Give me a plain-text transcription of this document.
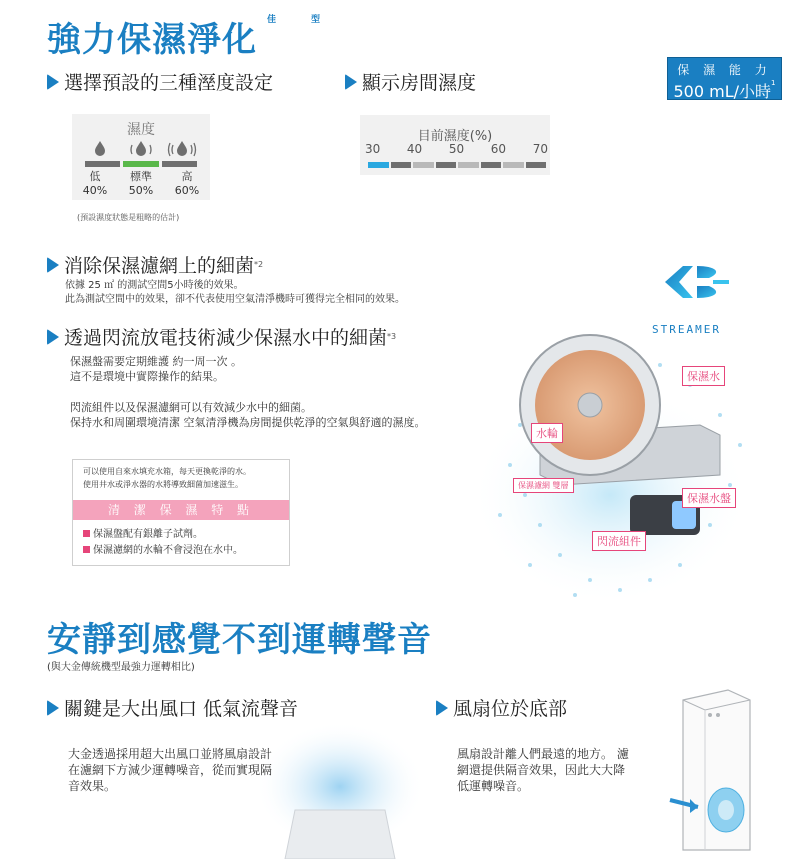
強力保濕淨化 $^佳$	$^型$
保 濕 能 力
500 mL/小時$^1$
選擇預設的三種溼度設定	顯示房間濕度
濕度
低
40%
標準
50%
高
60%
(預設濕度狀態是粗略的估計)
目前濕度(%)
30 40 50 60 70
消除保濕濾網上的細菌 *2
依據 25 ㎡ 的測試空間5小時後的效果。
此為測試空間中的效果，卻不代表使用空氣清淨機時可獲得完全相同的效果。
STREAMER
透過閃流放電技術減少保濕水中的細菌 *3
保濕盤需要定期維護 約一周一次 。
這不是環境中實際操作的結果。
閃流組件以及保濕濾網可以有效減少水中的細菌。
保持水和周圍環境清潔 空氣清淨機為房間提供乾淨的空氣與舒適的濕度。
可以使用自來水填充水箱，每天更換乾淨的水。
使用井水或淨水器的水將導致細菌加速滋生。
清 潔 保 濕 特 點
保濕盤配有銀離子試劑。
保濕濾網的水輪不會浸泡在水中。
保濕水
水輪
保濕濾網 雙層
保濕水盤
閃流組件
安靜到感覺不到運轉聲音
(與大金傳統機型最強力運轉相比)
關鍵是大出風口 低氣流聲音	風扇位於底部
大金透過採用超大出風口並將風扇設計
在濾網下方減少運轉噪音，從而實現隔
音效果。
風扇設計離人們最遠的地方。 濾
網還提供隔音效果，因此大大降
低運轉噪音。
